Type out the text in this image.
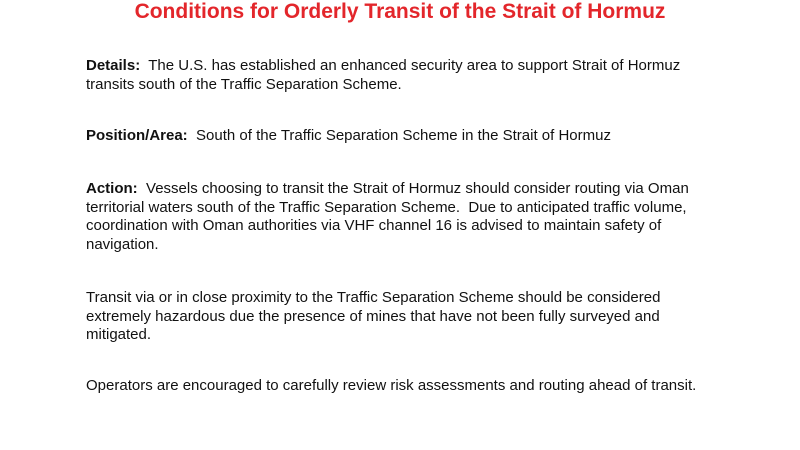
Conditions for Orderly Transit of the Strait of Hormuz
Details: The U.S. has established an enhanced security area to support Strait of Hormuz transits south of the Traffic Separation Scheme.
Position/Area: South of the Traffic Separation Scheme in the Strait of Hormuz
Action: Vessels choosing to transit the Strait of Hormuz should consider routing via Oman territorial waters south of the Traffic Separation Scheme.  Due to anticipated traffic volume, coordination with Oman authorities via VHF channel 16 is advised to maintain safety of navigation.
Transit via or in close proximity to the Traffic Separation Scheme should be considered extremely hazardous due the presence of mines that have not been fully surveyed and mitigated.
Operators are encouraged to carefully review risk assessments and routing ahead of transit.
